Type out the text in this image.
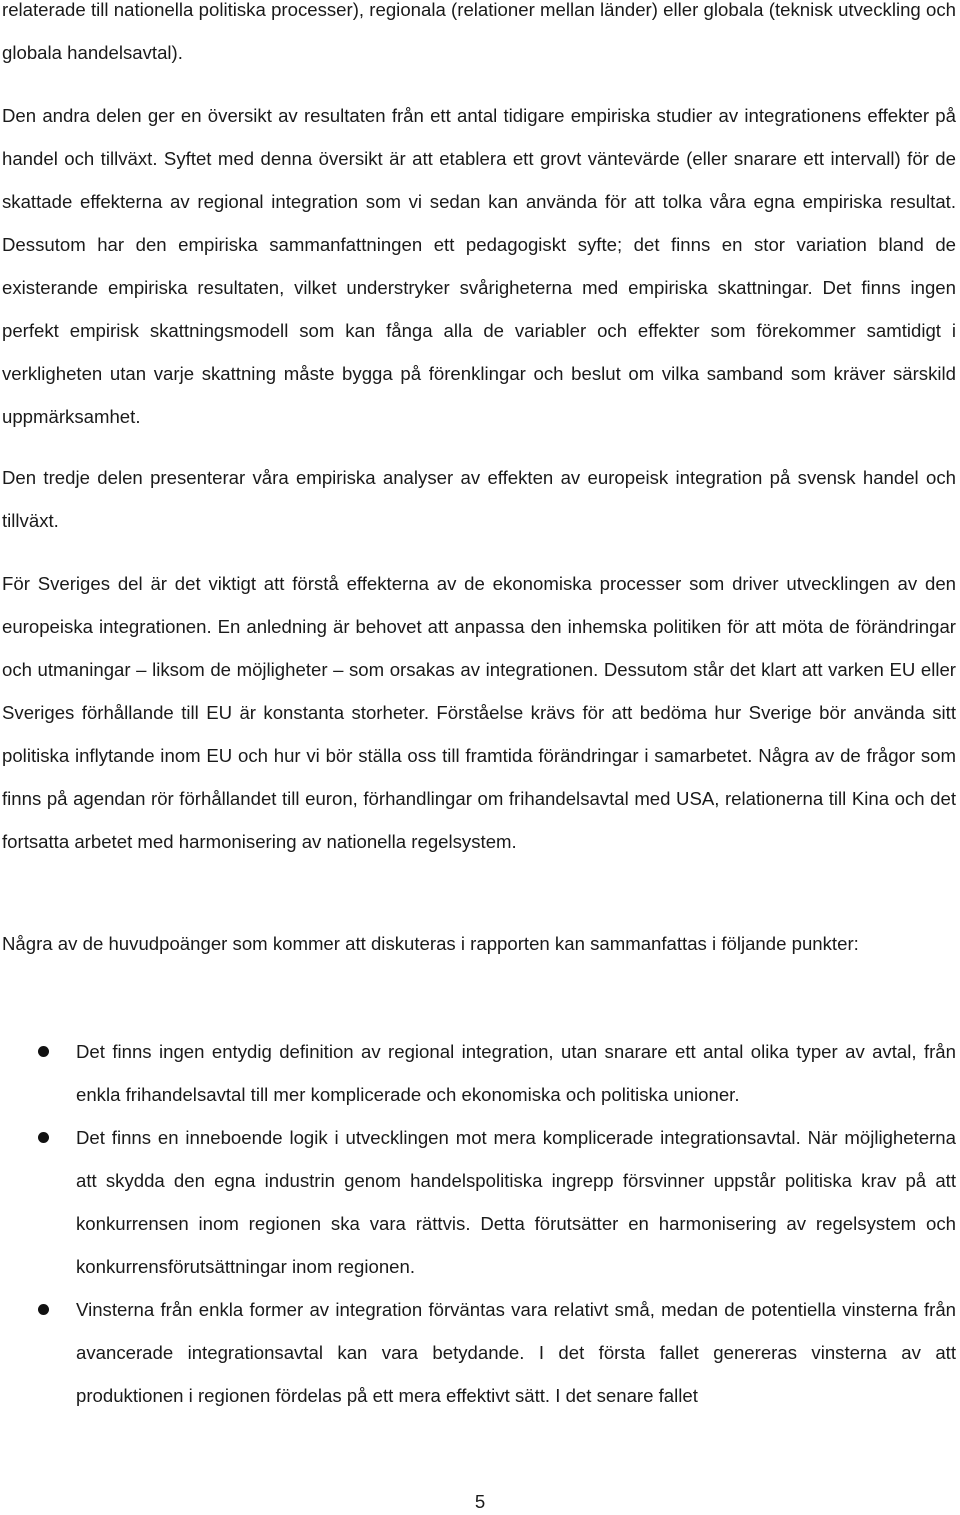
relaterade till nationella politiska processer), regionala (relationer mellan länder) eller globala (teknisk utveckling och globala handelsavtal).

Den andra delen ger en översikt av resultaten från ett antal tidigare empiriska studier av integrationens effekter på handel och tillväxt. Syftet med denna översikt är att etablera ett grovt väntevärde (eller snarare ett intervall) för de skattade effekterna av regional integration som vi sedan kan använda för att tolka våra egna empiriska resultat. Dessutom har den empiriska sammanfattningen ett pedagogiskt syfte; det finns en stor variation bland de existerande empiriska resultaten, vilket understryker svårigheterna med empiriska skattningar. Det finns ingen perfekt empirisk skattningsmodell som kan fånga alla de variabler och effekter som förekommer samtidigt i verkligheten utan varje skattning måste bygga på förenklingar och beslut om vilka samband som kräver särskild uppmärksamhet.

Den tredje delen presenterar våra empiriska analyser av effekten av europeisk integration på svensk handel och tillväxt.

För Sveriges del är det viktigt att förstå effekterna av de ekonomiska processer som driver utvecklingen av den europeiska integrationen. En anledning är behovet att anpassa den inhemska politiken för att möta de förändringar och utmaningar – liksom de möjligheter – som orsakas av integrationen. Dessutom står det klart att varken EU eller Sveriges förhållande till EU är konstanta storheter. Förståelse krävs för att bedöma hur Sverige bör använda sitt politiska inflytande inom EU och hur vi bör ställa oss till framtida förändringar i samarbetet. Några av de frågor som finns på agendan rör förhållandet till euron, förhandlingar om frihandelsavtal med USA, relationerna till Kina och det fortsatta arbetet med harmonisering av nationella regelsystem.

Några av de huvudpoänger som kommer att diskuteras i rapporten kan sammanfattas i följande punkter:

Det finns ingen entydig definition av regional integration, utan snarare ett antal olika typer av avtal, från enkla frihandelsavtal till mer komplicerade och ekonomiska och politiska unioner.
Det finns en inneboende logik i utvecklingen mot mera komplicerade integrationsavtal. När möjligheterna att skydda den egna industrin genom handelspolitiska ingrepp försvinner uppstår politiska krav på att konkurrensen inom regionen ska vara rättvis. Detta förutsätter en harmonisering av regelsystem och konkurrensförutsättningar inom regionen.
Vinsterna från enkla former av integration förväntas vara relativt små, medan de potentiella vinsterna från avancerade integrationsavtal kan vara betydande. I det första fallet genereras vinsterna av att produktionen i regionen fördelas på ett mera effektivt sätt. I det senare fallet
5
